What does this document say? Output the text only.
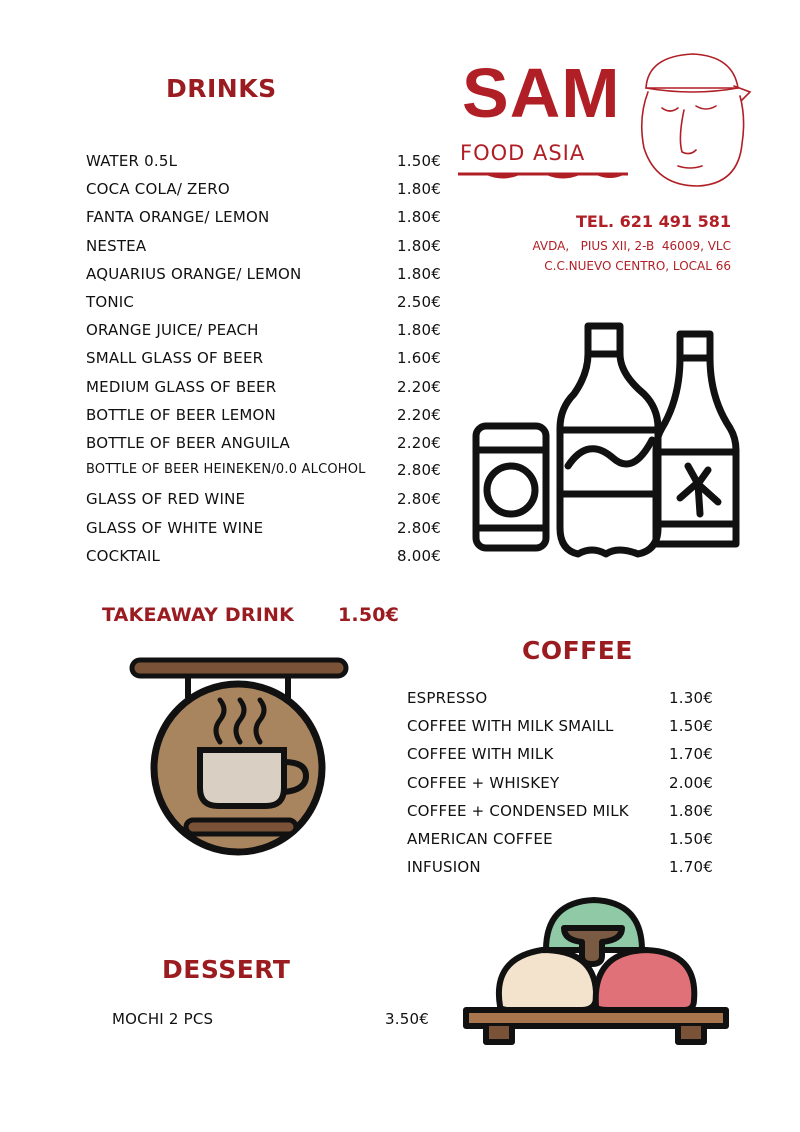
SAM
FOOD ASIA
TEL. 621 491 581
AVDA,   PIUS XII, 2-B  46009, VLC
C.C.NUEVO CENTRO, LOCAL 66
DRINKS
WATER 0.5L	1.50€
COCA COLA/ ZERO	1.80€
FANTA ORANGE/ LEMON	1.80€
NESTEA	1.80€
AQUARIUS ORANGE/ LEMON	1.80€
TONIC	2.50€
ORANGE JUICE/ PEACH	1.80€
SMALL GLASS OF BEER	1.60€
MEDIUM GLASS OF BEER	2.20€
BOTTLE OF BEER LEMON	2.20€
BOTTLE OF BEER ANGUILA	2.20€
BOTTLE OF BEER HEINEKEN/0.0 ALCOHOL 2.80€
GLASS OF RED WINE	2.80€
GLASS OF WHITE WINE	2.80€
COCKTAIL	8.00€
TAKEAWAY DRINK 1.50€
COFFEE
ESPRESSO	1.30€
COFFEE WITH MILK SMAILL	1.50€
COFFEE WITH MILK	1.70€
COFFEE + WHISKEY	2.00€
COFFEE + CONDENSED MILK	1.80€
AMERICAN COFFEE	1.50€
INFUSION	1.70€
DESSERT
MOCHI 2 PCS	3.50€
